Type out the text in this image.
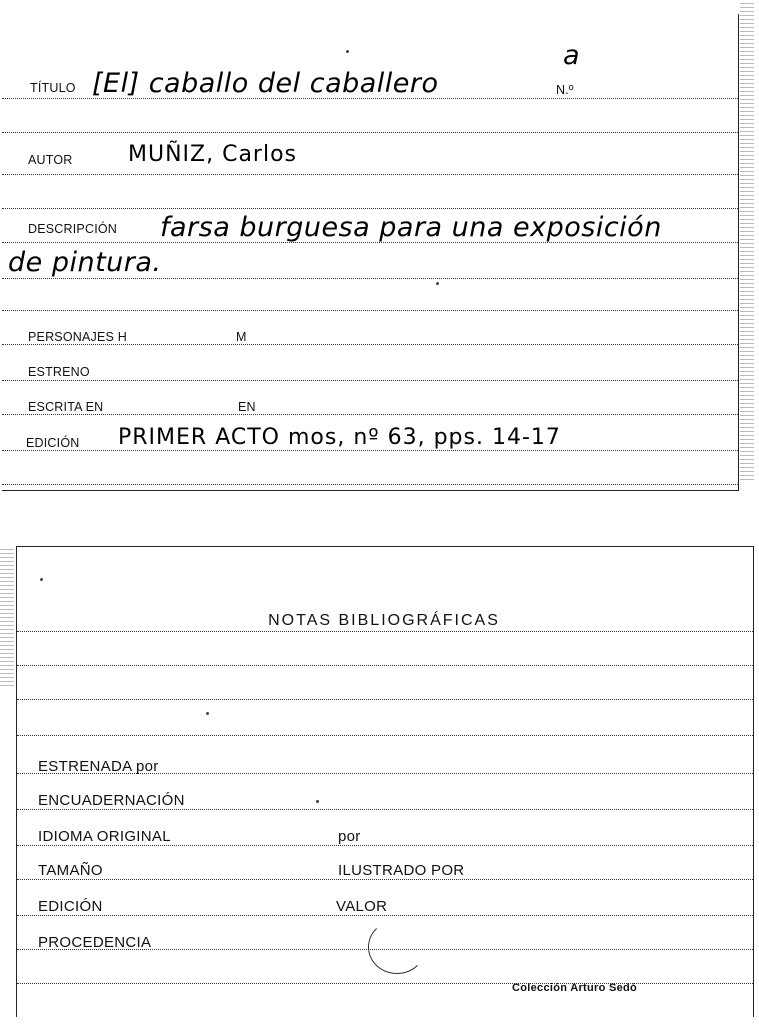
TÍTULO [El] caballo del caballero	N.º
a
AUTOR	MUÑIZ, Carlos
DESCRIPCIÓN farsa burguesa para una exposición
de pintura.
PERSONAJES H	M
ESTRENO
ESCRITA EN	EN
EDICIÓN PRIMER ACTO mos, nº 63, pps. 14-17
NOTAS BIBLIOGRÁFICAS
ESTRENADA por
ENCUADERNACIÓN
IDIOMA ORIGINAL	por
TAMAÑO	ILUSTRADO POR
EDICIÓN	VALOR
PROCEDENCIA
Colección Arturo Sedó
